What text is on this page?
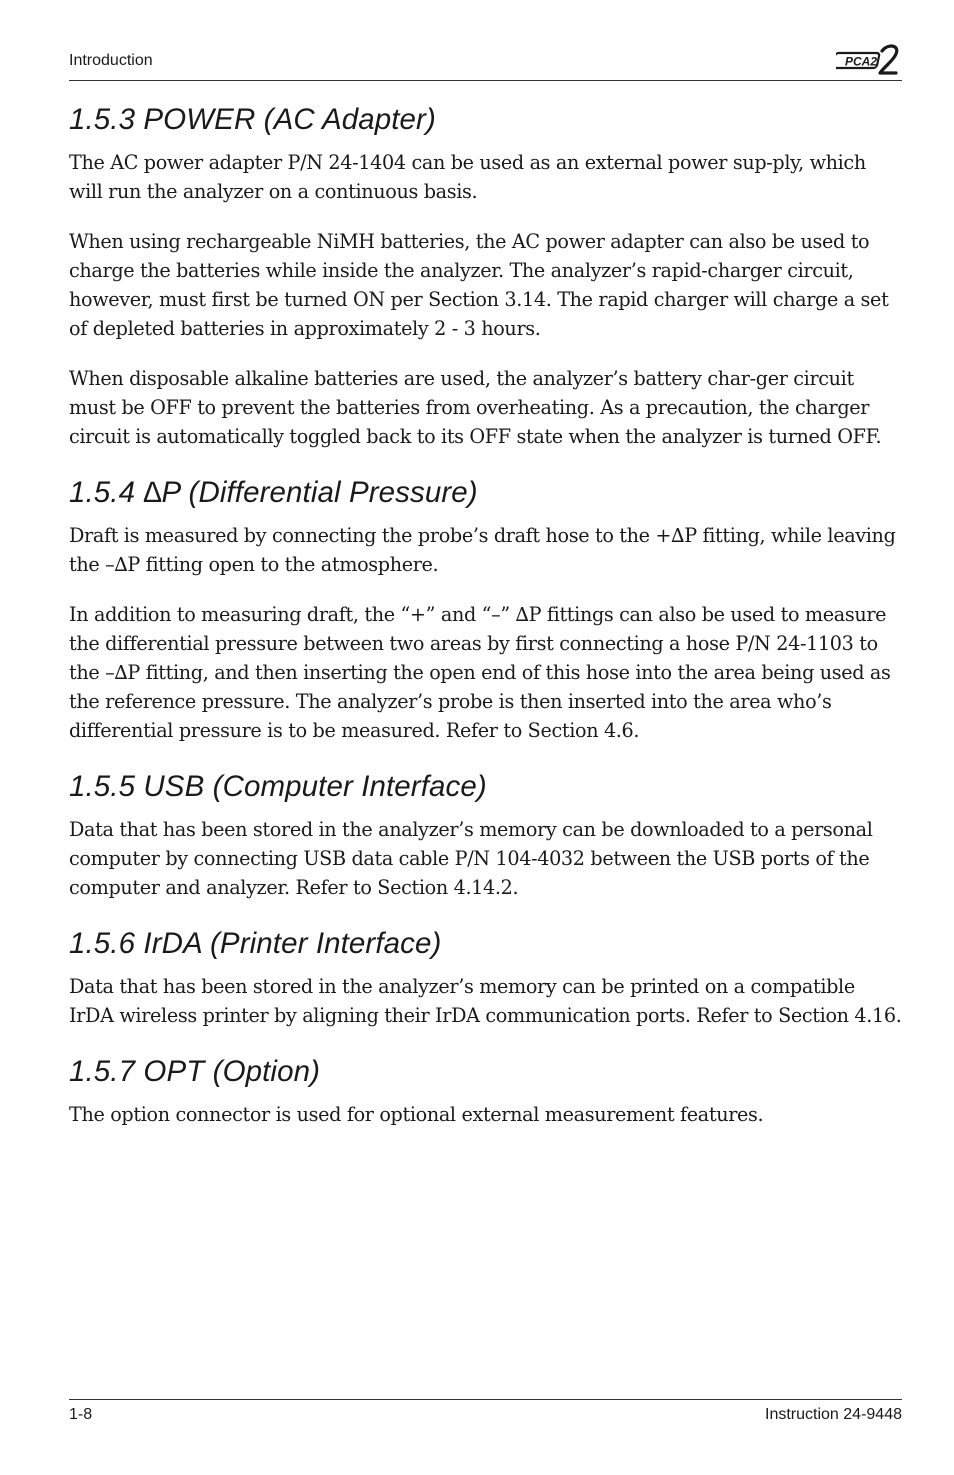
Introduction	PCA2
1.5.3 POWER (AC Adapter)

The AC power adapter P/N 24-1404 can be used as an external power sup-ply, which will run the analyzer on a continuous basis.

When using rechargeable NiMH batteries, the AC power adapter can also be used to charge the batteries while inside the analyzer. The analyzer’s rapid-charger circuit, however, must first be turned ON per Section 3.14. The rapid charger will charge a set of depleted batteries in approximately 2 - 3 hours.

When disposable alkaline batteries are used, the analyzer’s battery char-ger circuit must be OFF to prevent the batteries from overheating. As a precaution, the charger circuit is automatically toggled back to its OFF state when the analyzer is turned OFF.

1.5.4 ∆P (Differential Pressure)

Draft is measured by connecting the probe’s draft hose to the +∆P fitting, while leaving the –∆P fitting open to the atmosphere.

In addition to measuring draft, the “+” and “–” ∆P fittings can also be used to measure the differential pressure between two areas by first connecting a hose P/N 24-1103 to the –∆P fitting, and then inserting the open end of this hose into the area being used as the reference pressure. The analyzer’s probe is then inserted into the area who’s differential pressure is to be measured. Refer to Section 4.6.

1.5.5 USB (Computer Interface)

Data that has been stored in the analyzer’s memory can be downloaded to a personal computer by connecting USB data cable P/N 104-4032 between the USB ports of the computer and analyzer. Refer to Section 4.14.2.

1.5.6 IrDA (Printer Interface)

Data that has been stored in the analyzer’s memory can be printed on a compatible IrDA wireless printer by aligning their IrDA communication ports. Refer to Section 4.16.

1.5.7 OPT (Option)

The option connector is used for optional external measurement features.

1-8	Instruction 24-9448
